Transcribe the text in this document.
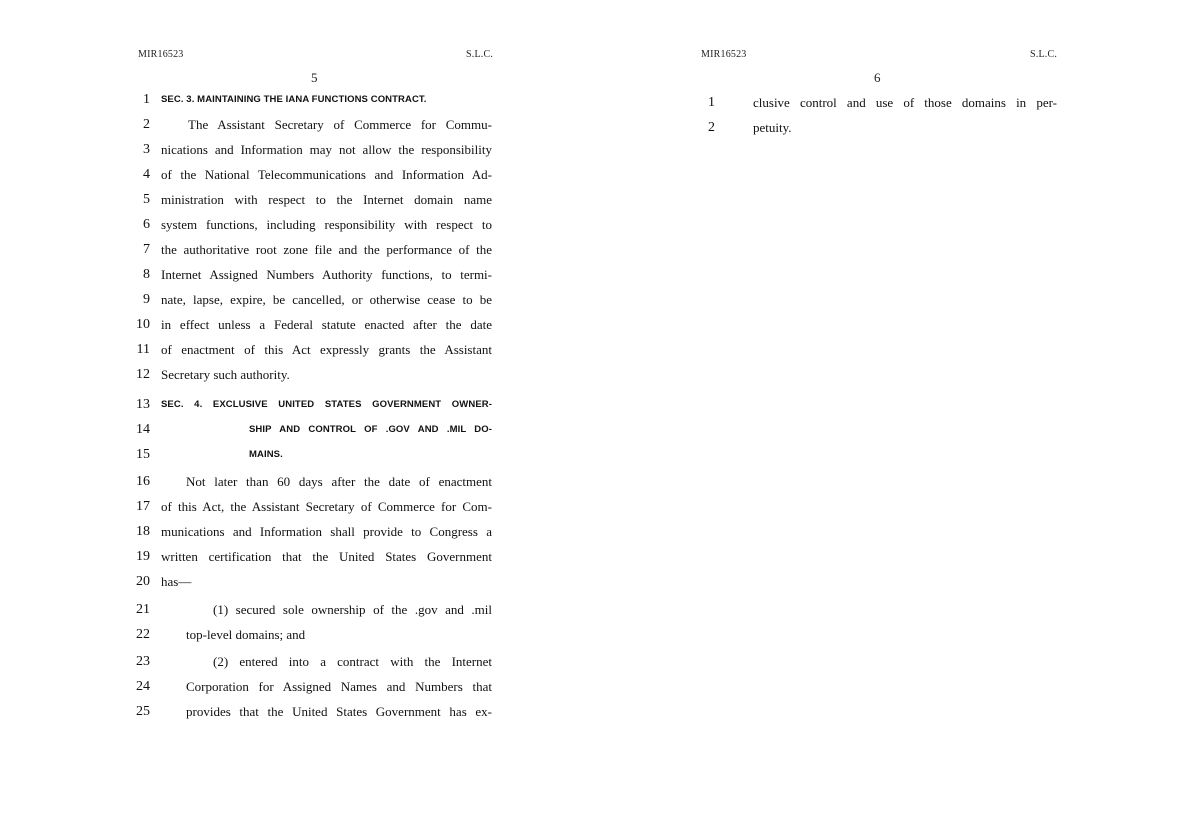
MIR16523	S.L.C.
5
1 SEC. 3. MAINTAINING THE IANA FUNCTIONS CONTRACT.
2	The Assistant Secretary of Commerce for Commu-
3 nications and Information may not allow the responsibility
4 of the National Telecommunications and Information Ad-
5 ministration with respect to the Internet domain name
6 system functions, including responsibility with respect to
7 the authoritative root zone file and the performance of the
8 Internet Assigned Numbers Authority functions, to termi-
9 nate, lapse, expire, be cancelled, or otherwise cease to be
10 in effect unless a Federal statute enacted after the date
11 of enactment of this Act expressly grants the Assistant
12 Secretary such authority.
13 SEC. 4. EXCLUSIVE UNITED STATES GOVERNMENT OWNER-
14	SHIP AND CONTROL OF .GOV AND .MIL DO-
15	MAINS.
16	Not later than 60 days after the date of enactment
17 of this Act, the Assistant Secretary of Commerce for Com-
18 munications and Information shall provide to Congress a
19 written certification that the United States Government
20 has—
21	(1) secured sole ownership of the .gov and .mil
22	top-level domains; and
23	(2) entered into a contract with the Internet
24	Corporation for Assigned Names and Numbers that
25	provides that the United States Government has ex-
MIR16523	S.L.C.
6
1	clusive control and use of those domains in per-
2	petuity.
